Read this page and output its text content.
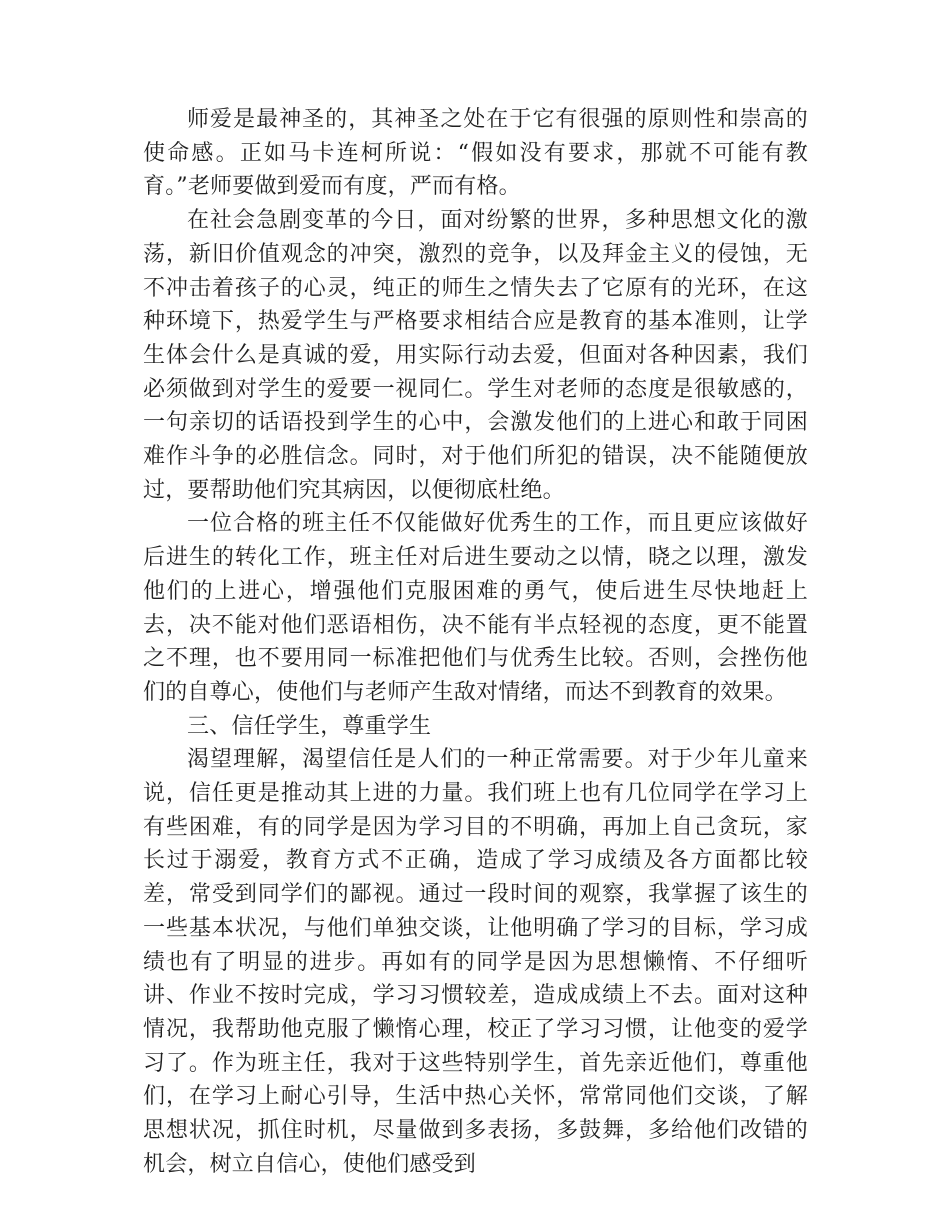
师爱是最神圣的，其神圣之处在于它有很强的原则性和崇高的使命感。正如马卡连柯所说：“假如没有要求，那就不可能有教育。”老师要做到爱而有度，严而有格。

在社会急剧变革的今日，面对纷繁的世界，多种思想文化的激荡，新旧价值观念的冲突，激烈的竞争，以及拜金主义的侵蚀，无不冲击着孩子的心灵，纯正的师生之情失去了它原有的光环，在这种环境下，热爱学生与严格要求相结合应是教育的基本准则，让学生体会什么是真诚的爱，用实际行动去爱，但面对各种因素，我们必须做到对学生的爱要一视同仁。学生对老师的态度是很敏感的，一句亲切的话语投到学生的心中，会激发他们的上进心和敢于同困难作斗争的必胜信念。同时，对于他们所犯的错误，决不能随便放过，要帮助他们究其病因，以便彻底杜绝。

一位合格的班主任不仅能做好优秀生的工作，而且更应该做好后进生的转化工作，班主任对后进生要动之以情，晓之以理，激发他们的上进心，增强他们克服困难的勇气，使后进生尽快地赶上去，决不能对他们恶语相伤，决不能有半点轻视的态度，更不能置之不理，也不要用同一标准把他们与优秀生比较。否则，会挫伤他们的自尊心，使他们与老师产生敌对情绪，而达不到教育的效果。

三、信任学生，尊重学生

渴望理解，渴望信任是人们的一种正常需要。对于少年儿童来说，信任更是推动其上进的力量。我们班上也有几位同学在学习上有些困难，有的同学是因为学习目的不明确，再加上自己贪玩，家长过于溺爱，教育方式不正确，造成了学习成绩及各方面都比较差，常受到同学们的鄙视。通过一段时间的观察，我掌握了该生的一些基本状况，与他们单独交谈，让他明确了学习的目标，学习成绩也有了明显的进步。再如有的同学是因为思想懒惰、不仔细听讲、作业不按时完成，学习习惯较差，造成成绩上不去。面对这种情况，我帮助他克服了懒惰心理，校正了学习习惯，让他变的爱学习了。作为班主任，我对于这些特别学生，首先亲近他们，尊重他们，在学习上耐心引导，生活中热心关怀，常常同他们交谈，了解思想状况，抓住时机，尽量做到多表扬，多鼓舞，多给他们改错的机会，树立自信心，使他们感受到
